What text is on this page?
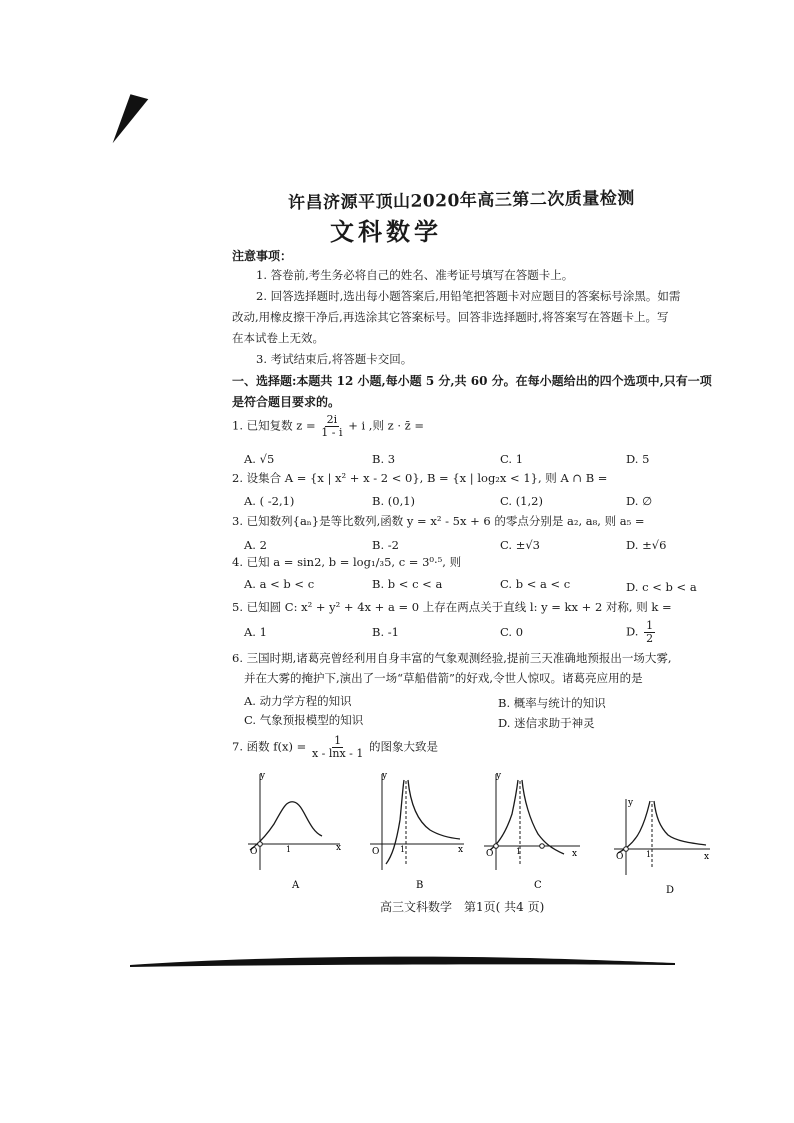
许昌济源平顶山2020年高三第二次质量检测
文科数学
注意事项：
1. 答卷前,考生务必将自己的姓名、准考证号填写在答题卡上。
2. 回答选择题时,选出每小题答案后,用铅笔把答题卡对应题目的答案标号涂黑。如需
改动,用橡皮擦干净后,再选涂其它答案标号。回答非选择题时,将答案写在答题卡上。写
在本试卷上无效。
3. 考试结束后,将答题卡交回。
一、选择题:本题共 12 小题,每小题 5 分,共 60 分。在每小题给出的四个选项中,只有一项
是符合题目要求的。
1. 已知复数 $z = \frac{2i}{1 - i} + i$ ,则 z · z̄ =
A. √5	B. 3	C. 1	D. 5
2. 设集合 A = {x | x² + x - 2 < 0}, B = {x | log₂x < 1}, 则 A ∩ B =
A. ( -2,1)	B. (0,1)	C. (1,2)	D. ∅
3. 已知数列{aₙ}是等比数列,函数 y = x² - 5x + 6 的零点分别是 a₂, a₈, 则 a₅ =
A. 2	B. -2	C. ±√3	D. ±√6
4. 已知 a = sin2, b = log₁/₃5, c = 3⁰·⁵, 则
A. a < b < c	B. b < c < a	C. b < a < c	D. c < b < a
5. 已知圆 C: x² + y² + 4x + a = 0 上存在两点关于直线 l: y = kx + 2 对称, 则 k =
A. 1	B. -1	C. 0	D. $\frac{1}{2}$
6. 三国时期,诸葛亮曾经利用自身丰富的气象观测经验,提前三天准确地预报出一场大雾,
并在大雾的掩护下,演出了一场“草船借箭”的好戏,令世人惊叹。诸葛亮应用的是
A. 动力学方程的知识	B. 概率与统计的知识
C. 气象预报模型的知识	D. 迷信求助于神灵
7. 函数 $f(x) = \frac{1}{x - \ln x - 1}$ 的图象大致是
y
x
O	1
A
y
x
O	1
B
y
x
O	1
C
y
x
O	1
D
高三文科数学　第1页( 共4 页)
